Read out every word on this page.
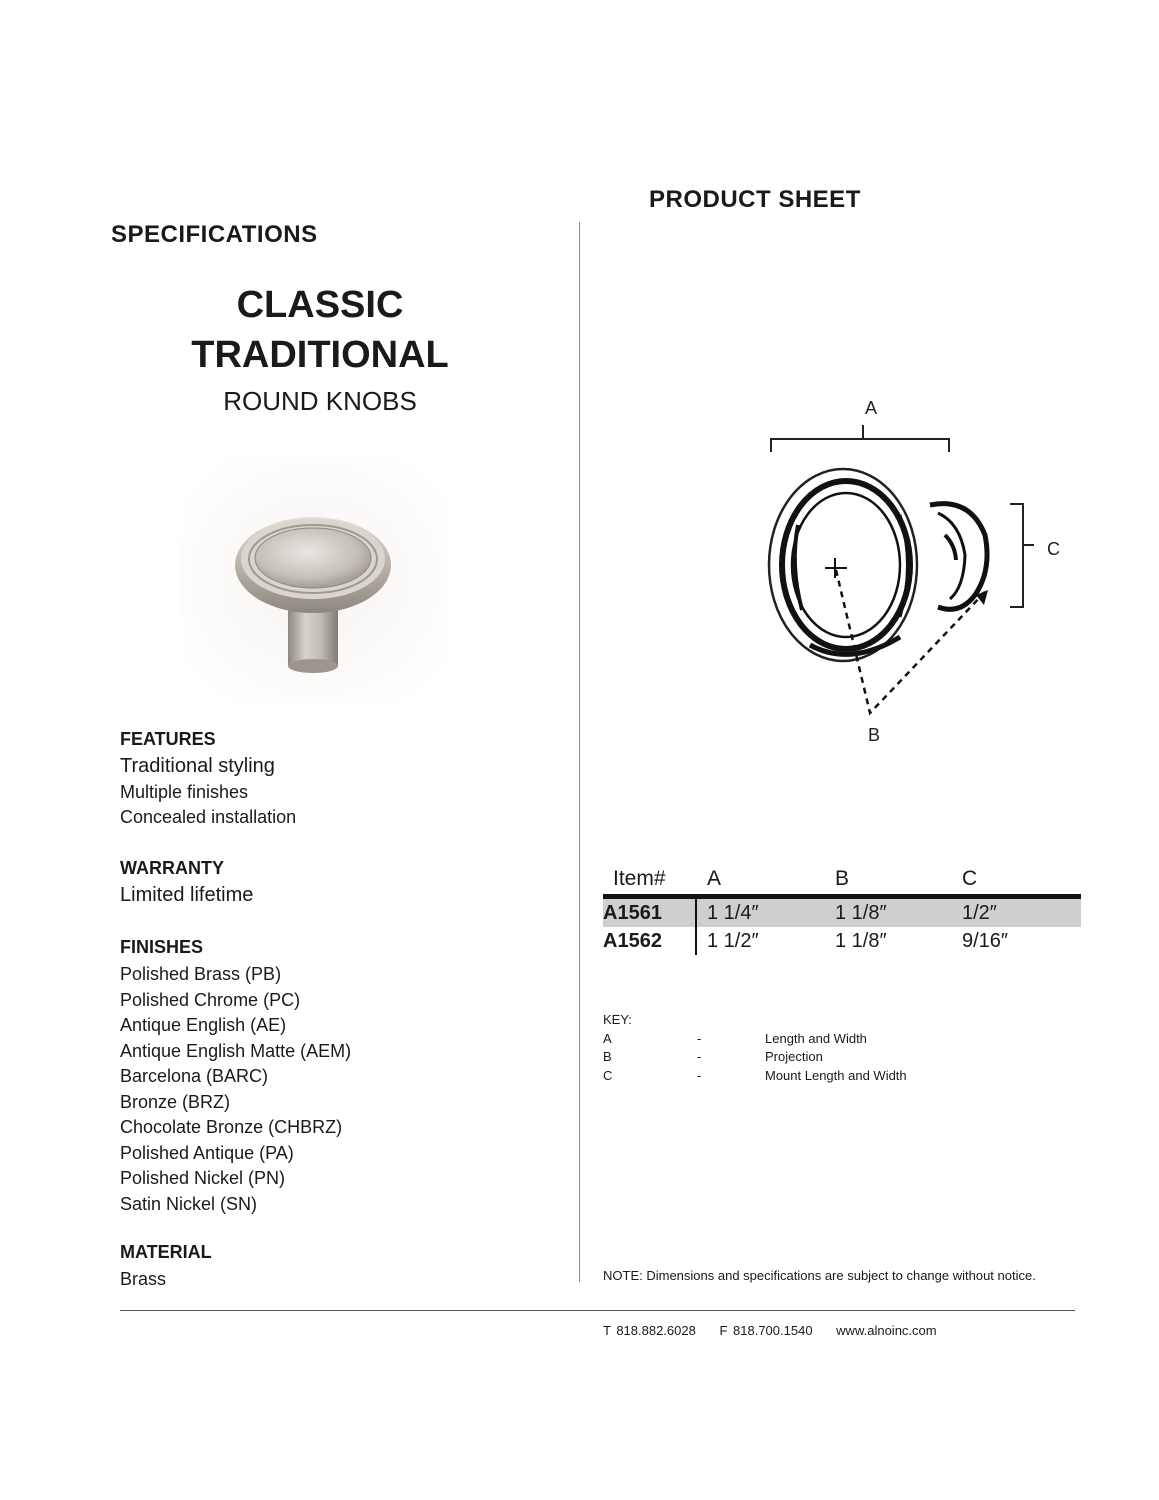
PRODUCT SHEET
SPECIFICATIONS
CLASSIC
TRADITIONAL
ROUND KNOBS
FEATURES
Traditional styling
Multiple finishes
Concealed installation
WARRANTY
Limited lifetime
FINISHES
Polished Brass (PB)
Polished Chrome (PC)
Antique English (AE)
Antique English Matte (AEM)
Barcelona (BARC)
Bronze (BRZ)
Chocolate Bronze (CHBRZ)
Polished Antique (PA)
Polished Nickel (PN)
Satin Nickel (SN)
MATERIAL
Brass
A
B
C
Item# A	B	C
A1561 1 1/4″	1 1/8″	1/2″
A1562 1 1/2″	1 1/8″	9/16″
KEY:
A	-	Length and Width
B	-	Projection
C	-	Mount Length and Width
NOTE: Dimensions and specifications are subject to change without notice.
T 818.882.6028 F 818.700.1540 www.alnoinc.com
